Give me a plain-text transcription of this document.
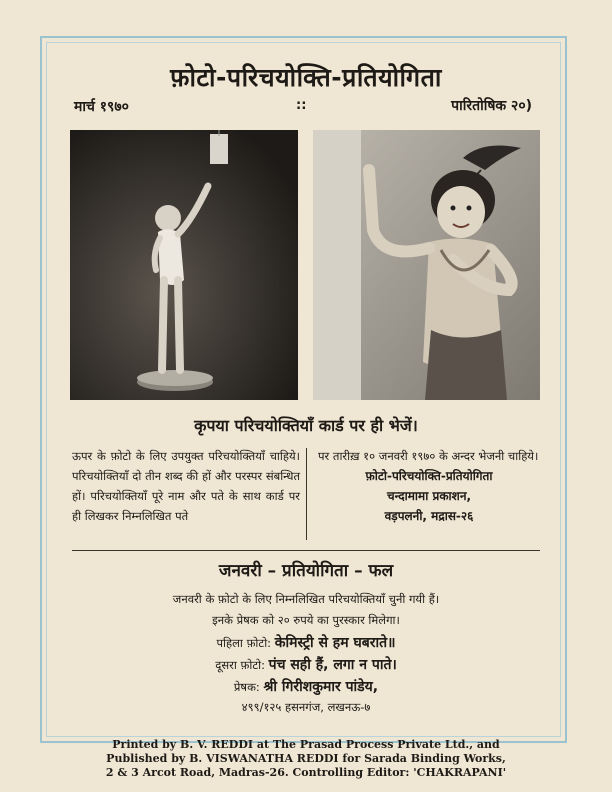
फ़ोटो-परिचयोक्ति-प्रतियोगिता
मार्च १९७०	::	पारितोषिक २०)
कृपया परिचयोक्तियाँ कार्ड पर ही भेजें।
ऊपर के फ़ोटो के लिए उपयुक्त परिचयोक्तियाँ चाहिये। परिचयोक्तियाँ दो तीन शब्द की हों और परस्पर संबन्धित हों। परिचयोक्तियाँ पूरे नाम और पते के साथ कार्ड पर ही लिखकर निम्नलिखित पते
पर तारीख़ १० जनवरी १९७० के अन्दर भेजनी चाहिये।
फ़ोटो-परिचयोक्ति-प्रतियोगिता
चन्दामामा प्रकाशन,
वड़पलनी, मद्रास-२६
जनवरी – प्रतियोगिता – फल
जनवरी के फ़ोटो के लिए निम्नलिखित परिचयोक्तियाँ चुनी गयी हैं।
इनके प्रेषक को २० रुपये का पुरस्कार मिलेगा।
पहिला फ़ोटो: केमिस्ट्री से हम घबराते॥
दूसरा फ़ोटो: पंच सही हैं, लगा न पाते।
प्रेषक: श्री गिरीशकुमार पांडेय,
४९९/१२५ हसनगंज, लखनऊ-७
Printed by B. V. REDDI at The Prasad Process Private Ltd., and
Published by B. VISWANATHA REDDI for Sarada Binding Works,
2 & 3 Arcot Road, Madras-26. Controlling Editor: 'CHAKRAPANI'
